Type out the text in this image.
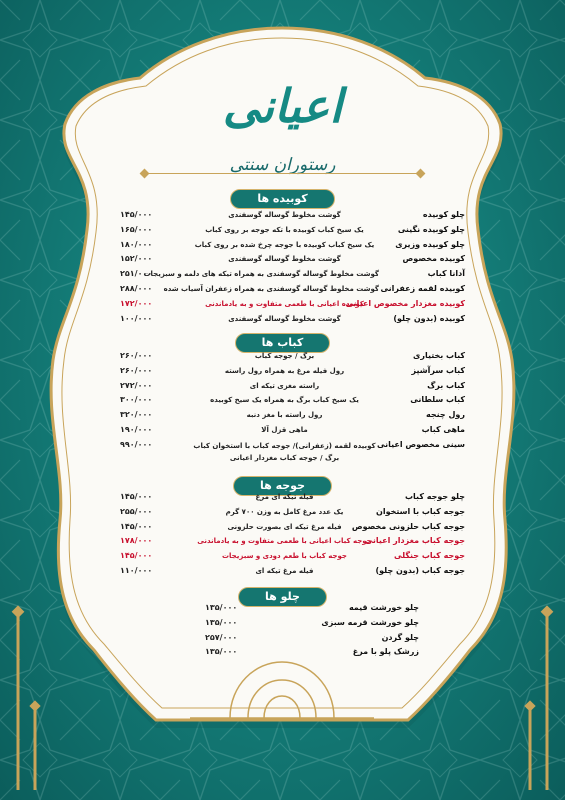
اعیانی
رستوران سنتی
کوبیده ها
چلو کوبیده
گوشت مخلوط گوساله گوسفندی
۱۴۵/۰۰۰
چلو کوبیده نگینی
یک سیخ کباب کوبیده با تکه جوجه بر روی کباب
۱۶۵/۰۰۰
چلو کوبیده وزیری
یک سیخ کباب کوبیده با جوجه چرخ شده بر روی کباب
۱۸۰/۰۰۰
کوبیده مخصوص
گوشت مخلوط گوساله گوسفندی
۱۵۲/۰۰۰
آدانا کباب
گوشت مخلوط گوساله گوسفندی به همراه تیکه های دلمه و سبزیجات
۲۵۱/۰۰۰
کوبیده لقمه زعفرانی
گوشت مخلوط گوساله گوسفندی به همراه زعفران آسیاب شده
۲۸۸/۰۰۰
کوبیده مغزدار مخصوص اعیانی
کوبیده اعیانی با طعمی متفاوت و به یادماندنی
۱۷۲/۰۰۰
کوبیده (بدون چلو)
گوشت مخلوط گوساله گوسفندی
۱۰۰/۰۰۰
کباب ها
کباب بختیاری
برگ / جوجه کباب
۲۶۰/۰۰۰
کباب سرآشپز
رول فیله مرغ به همراه رول راسته
۲۶۰/۰۰۰
کباب برگ
راسته مغزی تیکه ای
۲۷۲/۰۰۰
کباب سلطانی
یک سیخ کباب برگ به همراه یک سیخ کوبیده
۳۰۰/۰۰۰
رول چنجه
رول راسته با مغز دنبه
۳۲۰/۰۰۰
ماهی کباب
ماهی قزل آلا
۱۹۰/۰۰۰
سینی مخصوص اعیانی
کوبیده لقمه (زعفرانی)/ جوجه کباب با استخوان کباب برگ / جوجه کباب مغزدار اعیانی
۹۹۰/۰۰۰
جوجه ها
چلو جوجه کباب
فیله تیکه ای مرغ
۱۴۵/۰۰۰
جوجه کباب با استخوان
یک عدد مرغ کامل به وزن ۷۰۰ گرم
۲۵۵/۰۰۰
جوجه کباب حلزونی مخصوص
فیله مرغ تیکه ای بصورت حلزونی
۱۴۵/۰۰۰
جوجه کباب مغزدار اعیانی
جوجه کباب اعیانی با طعمی متفاوت و به یادماندنی
۱۷۸/۰۰۰
جوجه کباب جنگلی
جوجه کباب با طعم دودی و سبزیجات
۱۴۵/۰۰۰
جوجه کباب (بدون چلو)
فیله مرغ تیکه ای
۱۱۰/۰۰۰
چلو ها
چلو خورشت قیمه
۱۳۵/۰۰۰
چلو خورشت قرمه سبزی
۱۳۵/۰۰۰
چلو گردن
۲۵۷/۰۰۰
زرشک پلو با مرغ
۱۳۵/۰۰۰
